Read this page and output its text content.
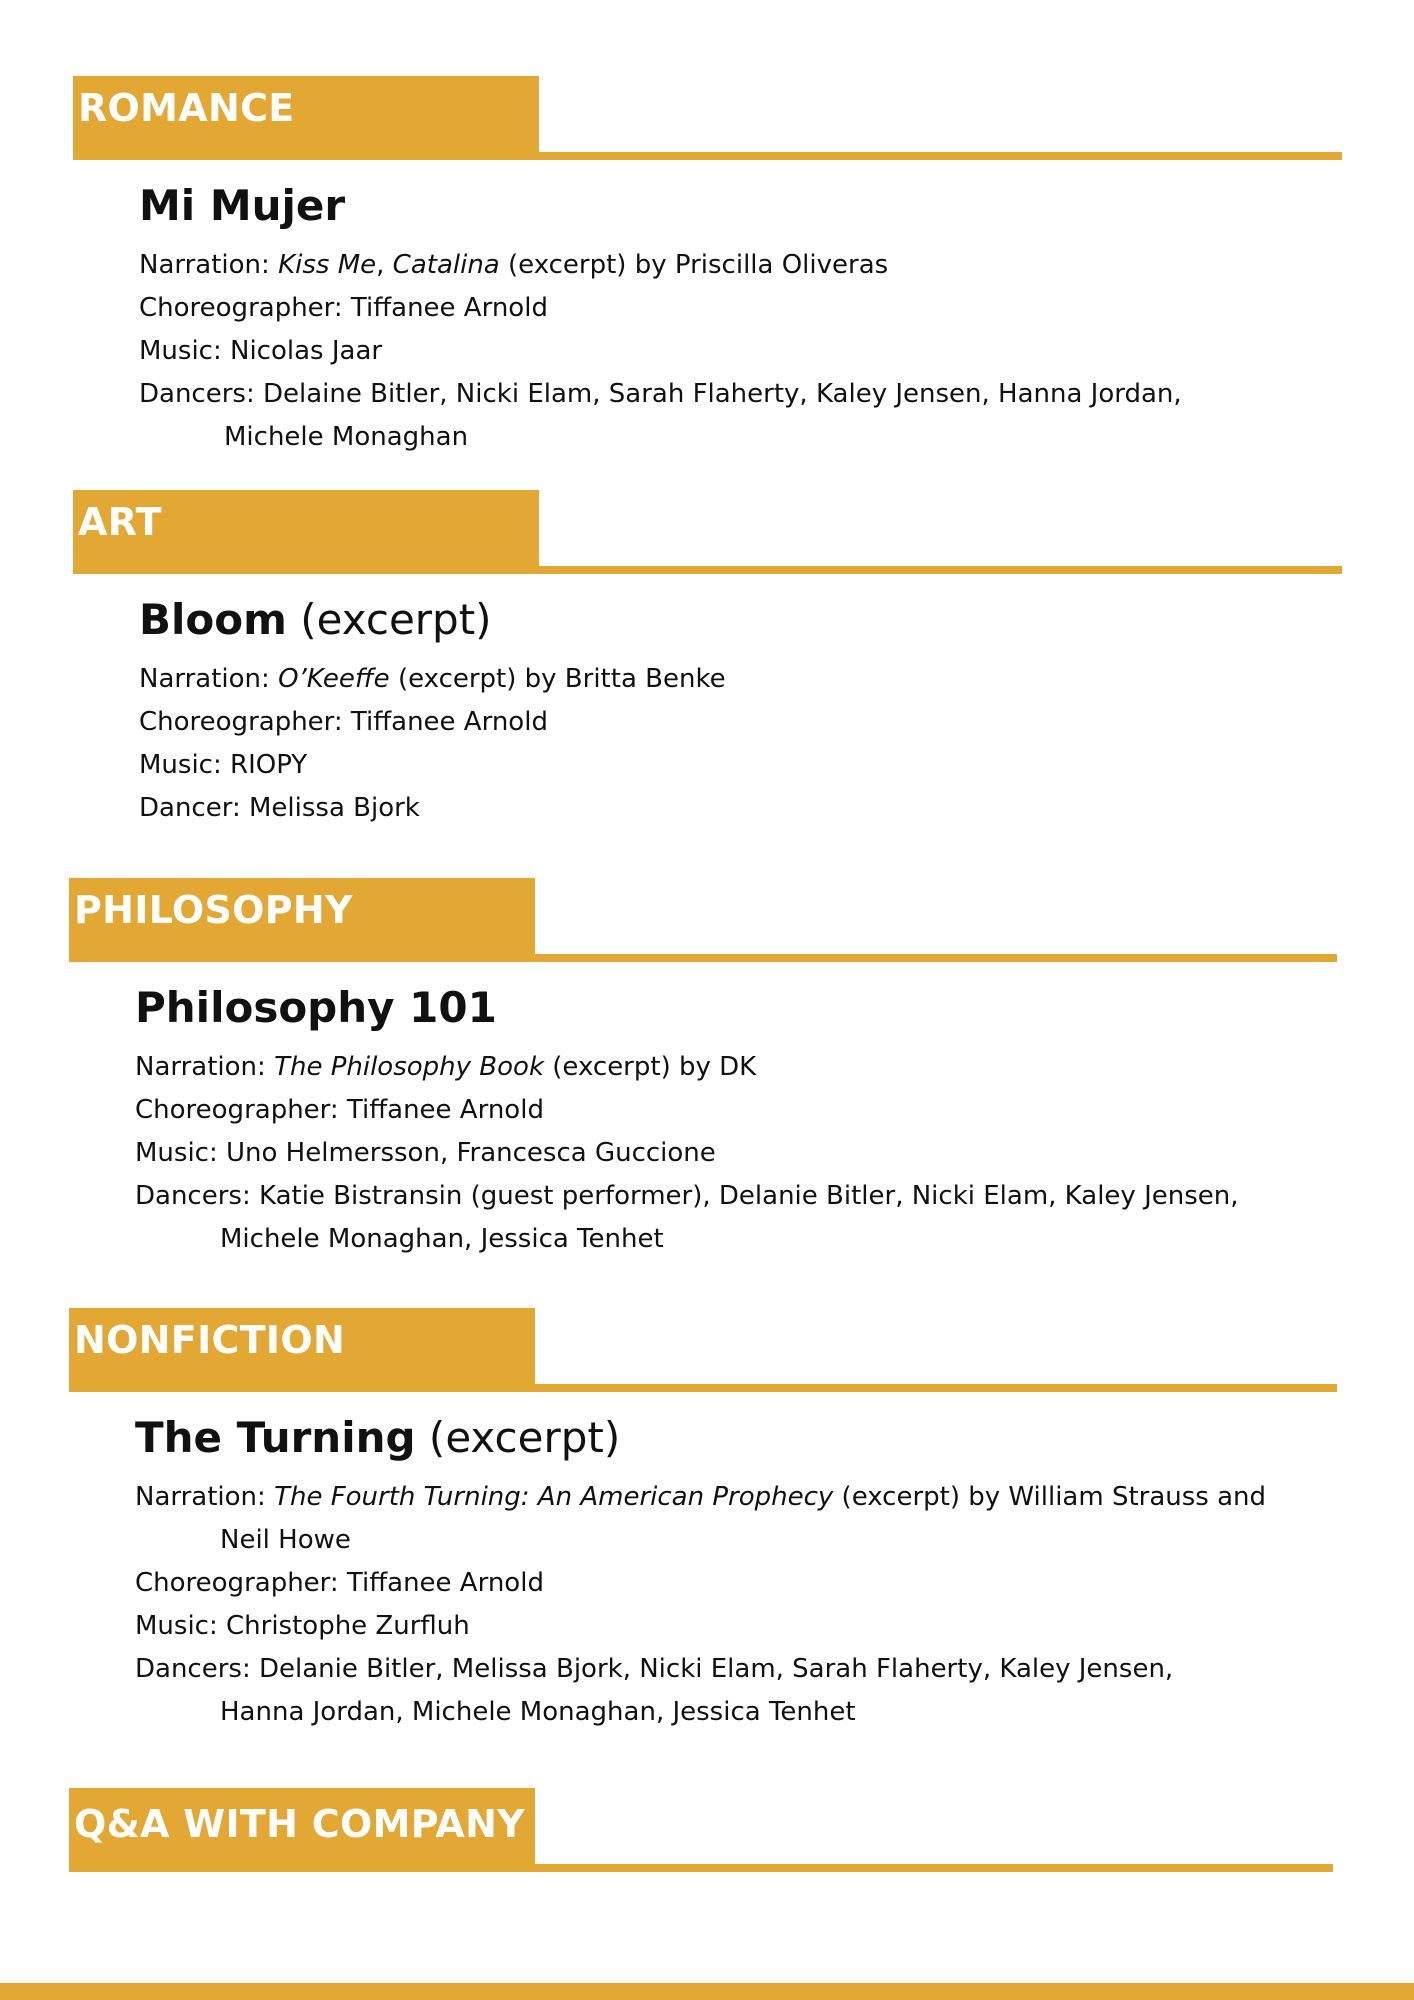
ROMANCE
Mi Mujer
Narration: Kiss Me, Catalina (excerpt) by Priscilla Oliveras
Choreographer: Tiffanee Arnold
Music: Nicolas Jaar
Dancers: Delaine Bitler, Nicki Elam, Sarah Flaherty, Kaley Jensen, Hanna Jordan,
Michele Monaghan
ART
Bloom (excerpt)
Narration: O’Keeffe (excerpt) by Britta Benke
Choreographer: Tiffanee Arnold
Music: RIOPY
Dancer: Melissa Bjork
PHILOSOPHY
Philosophy 101
Narration: The Philosophy Book (excerpt) by DK
Choreographer: Tiffanee Arnold
Music: Uno Helmersson, Francesca Guccione
Dancers: Katie Bistransin (guest performer), Delanie Bitler, Nicki Elam, Kaley Jensen,
Michele Monaghan, Jessica Tenhet
NONFICTION
The Turning (excerpt)
Narration: The Fourth Turning: An American Prophecy (excerpt) by William Strauss and
Neil Howe
Choreographer: Tiffanee Arnold
Music: Christophe Zurfluh
Dancers: Delanie Bitler, Melissa Bjork, Nicki Elam, Sarah Flaherty, Kaley Jensen,
Hanna Jordan, Michele Monaghan, Jessica Tenhet
Q&A WITH COMPANY
